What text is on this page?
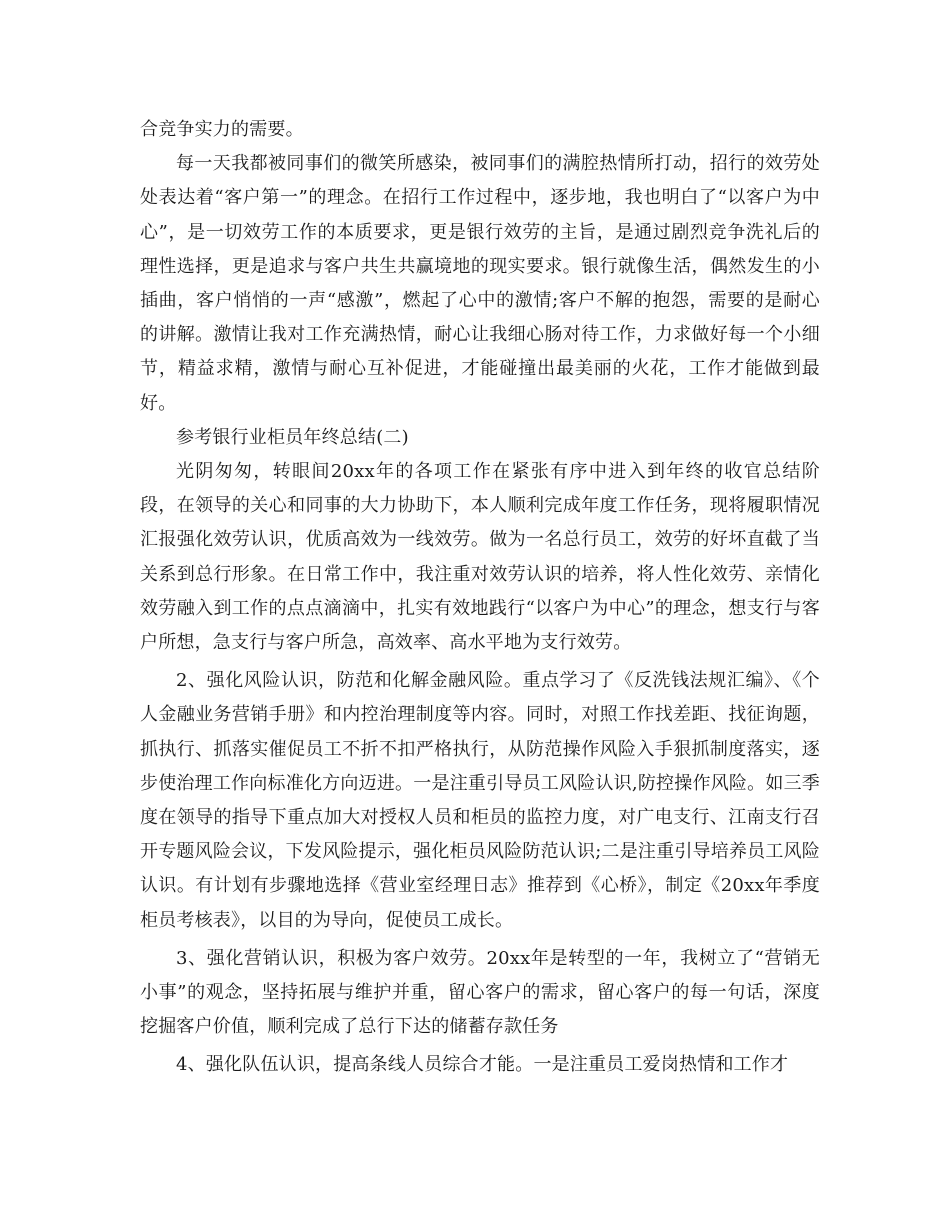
合竞争实力的需要。

每一天我都被同事们的微笑所感染，被同事们的满腔热情所打动，招行的效劳处处表达着“客户第一”的理念。在招行工作过程中，逐步地，我也明白了“以客户为中心”，是一切效劳工作的本质要求，更是银行效劳的主旨，是通过剧烈竞争洗礼后的理性选择，更是追求与客户共生共赢境地的现实要求。银行就像生活，偶然发生的小插曲，客户悄悄的一声“感激”，燃起了心中的激情;客户不解的抱怨，需要的是耐心的讲解。激情让我对工作充满热情，耐心让我细心肠对待工作，力求做好每一个小细节，精益求精，激情与耐心互补促进，才能碰撞出最美丽的火花，工作才能做到最好。

参考银行业柜员年终总结(二)

光阴匆匆，转眼间20xx年的各项工作在紧张有序中进入到年终的收官总结阶段，在领导的关心和同事的大力协助下，本人顺利完成年度工作任务，现将履职情况汇报强化效劳认识，优质高效为一线效劳。做为一名总行员工，效劳的好坏直截了当关系到总行形象。在日常工作中，我注重对效劳认识的培养，将人性化效劳、亲情化效劳融入到工作的点点滴滴中，扎实有效地践行“以客户为中心”的理念，想支行与客户所想，急支行与客户所急，高效率、高水平地为支行效劳。

2、强化风险认识，防范和化解金融风险。重点学习了《反洗钱法规汇编》、《个人金融业务营销手册》和内控治理制度等内容。同时，对照工作找差距、找征询题，抓执行、抓落实催促员工不折不扣严格执行，从防范操作风险入手狠抓制度落实，逐步使治理工作向标准化方向迈进。一是注重引导员工风险认识,防控操作风险。如三季度在领导的指导下重点加大对授权人员和柜员的监控力度，对广电支行、江南支行召开专题风险会议，下发风险提示，强化柜员风险防范认识;二是注重引导培养员工风险认识。有计划有步骤地选择《营业室经理日志》推荐到《心桥》，制定《20xx年季度柜员考核表》，以目的为导向，促使员工成长。

3、强化营销认识，积极为客户效劳。20xx年是转型的一年，我树立了“营销无小事”的观念，坚持拓展与维护并重，留心客户的需求，留心客户的每一句话，深度挖掘客户价值，顺利完成了总行下达的储蓄存款任务

4、强化队伍认识，提高条线人员综合才能。一是注重员工爱岗热情和工作才
